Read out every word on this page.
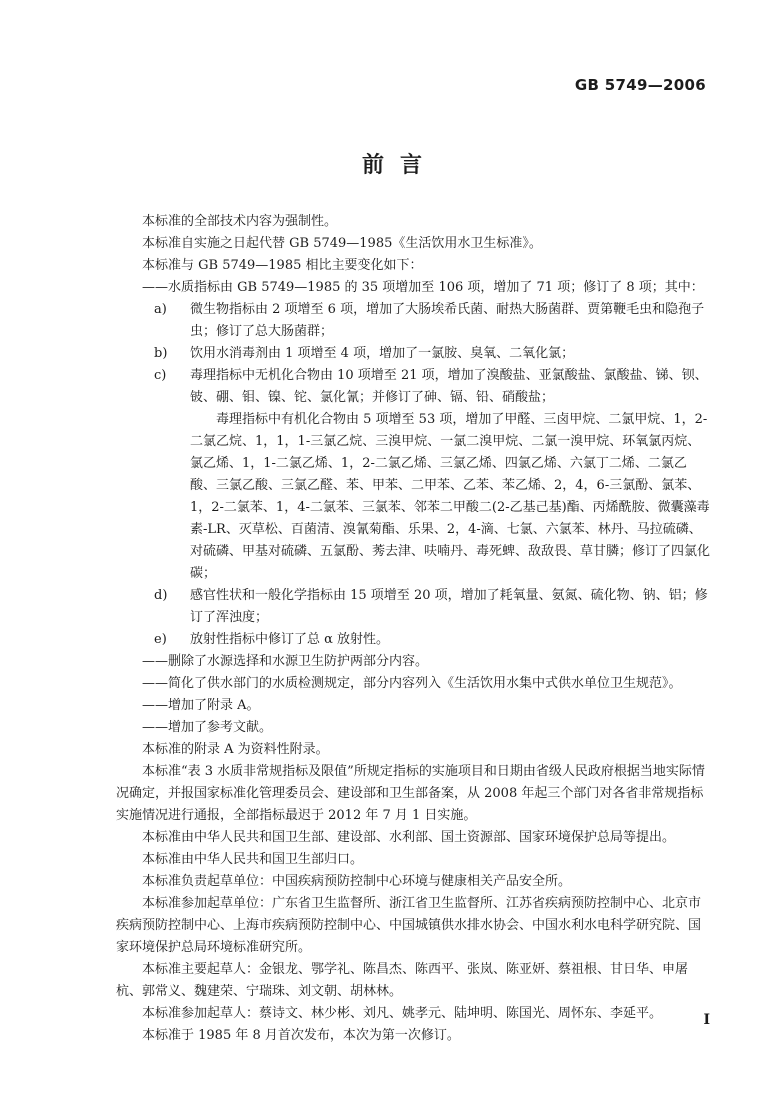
GB 5749—2006
前言

本标准的全部技术内容为强制性。

本标准自实施之日起代替 GB 5749—1985《生活饮用水卫生标准》。

本标准与 GB 5749—1985 相比主要变化如下：

——水质指标由 GB 5749—1985 的 35 项增加至 106 项，增加了 71 项；修订了 8 项；其中：

a)	微生物指标由 2 项增至 6 项，增加了大肠埃希氏菌、耐热大肠菌群、贾第鞭毛虫和隐孢子虫；修订了总大肠菌群；
b)	饮用水消毒剂由 1 项增至 4 项，增加了一氯胺、臭氧、二氧化氯；
c)	毒理指标中无机化合物由 10 项增至 21 项，增加了溴酸盐、亚氯酸盐、氯酸盐、锑、钡、铍、硼、钼、镍、铊、氯化氰；并修订了砷、镉、铅、硝酸盐；

毒理指标中有机化合物由 5 项增至 53 项，增加了甲醛、三卤甲烷、二氯甲烷、1，2-二氯乙烷、1，1，1-三氯乙烷、三溴甲烷、一氯二溴甲烷、二氯一溴甲烷、环氧氯丙烷、氯乙烯、1，1-二氯乙烯、1，2-二氯乙烯、三氯乙烯、四氯乙烯、六氯丁二烯、二氯乙酸、三氯乙酸、三氯乙醛、苯、甲苯、二甲苯、乙苯、苯乙烯、2，4，6-三氯酚、氯苯、1，2-二氯苯、1，4-二氯苯、三氯苯、邻苯二甲酸二(2-乙基己基)酯、丙烯酰胺、微囊藻毒素-LR、灭草松、百菌清、溴氰菊酯、乐果、2，4-滴、七氯、六氯苯、林丹、马拉硫磷、对硫磷、甲基对硫磷、五氯酚、莠去津、呋喃丹、毒死蜱、敌敌畏、草甘膦；修订了四氯化碳；

d)	感官性状和一般化学指标由 15 项增至 20 项，增加了耗氧量、氨氮、硫化物、钠、铝；修订了浑浊度；
e)	放射性指标中修订了总 α 放射性。

——删除了水源选择和水源卫生防护两部分内容。

——简化了供水部门的水质检测规定，部分内容列入《生活饮用水集中式供水单位卫生规范》。

——增加了附录 A。

——增加了参考文献。

本标准的附录 A 为资料性附录。

本标准“表 3 水质非常规指标及限值”所规定指标的实施项目和日期由省级人民政府根据当地实际情况确定，并报国家标准化管理委员会、建设部和卫生部备案，从 2008 年起三个部门对各省非常规指标实施情况进行通报，全部指标最迟于 2012 年 7 月 1 日实施。

本标准由中华人民共和国卫生部、建设部、水利部、国土资源部、国家环境保护总局等提出。

本标准由中华人民共和国卫生部归口。

本标准负责起草单位：中国疾病预防控制中心环境与健康相关产品安全所。

本标准参加起草单位：广东省卫生监督所、浙江省卫生监督所、江苏省疾病预防控制中心、北京市疾病预防控制中心、上海市疾病预防控制中心、中国城镇供水排水协会、中国水利水电科学研究院、国家环境保护总局环境标准研究所。

本标准主要起草人：金银龙、鄂学礼、陈昌杰、陈西平、张岚、陈亚妍、蔡祖根、甘日华、申屠杭、郭常义、魏建荣、宁瑞珠、刘文朝、胡林林。

本标准参加起草人：蔡诗文、林少彬、刘凡、姚孝元、陆坤明、陈国光、周怀东、李延平。

本标准于 1985 年 8 月首次发布，本次为第一次修订。

I
